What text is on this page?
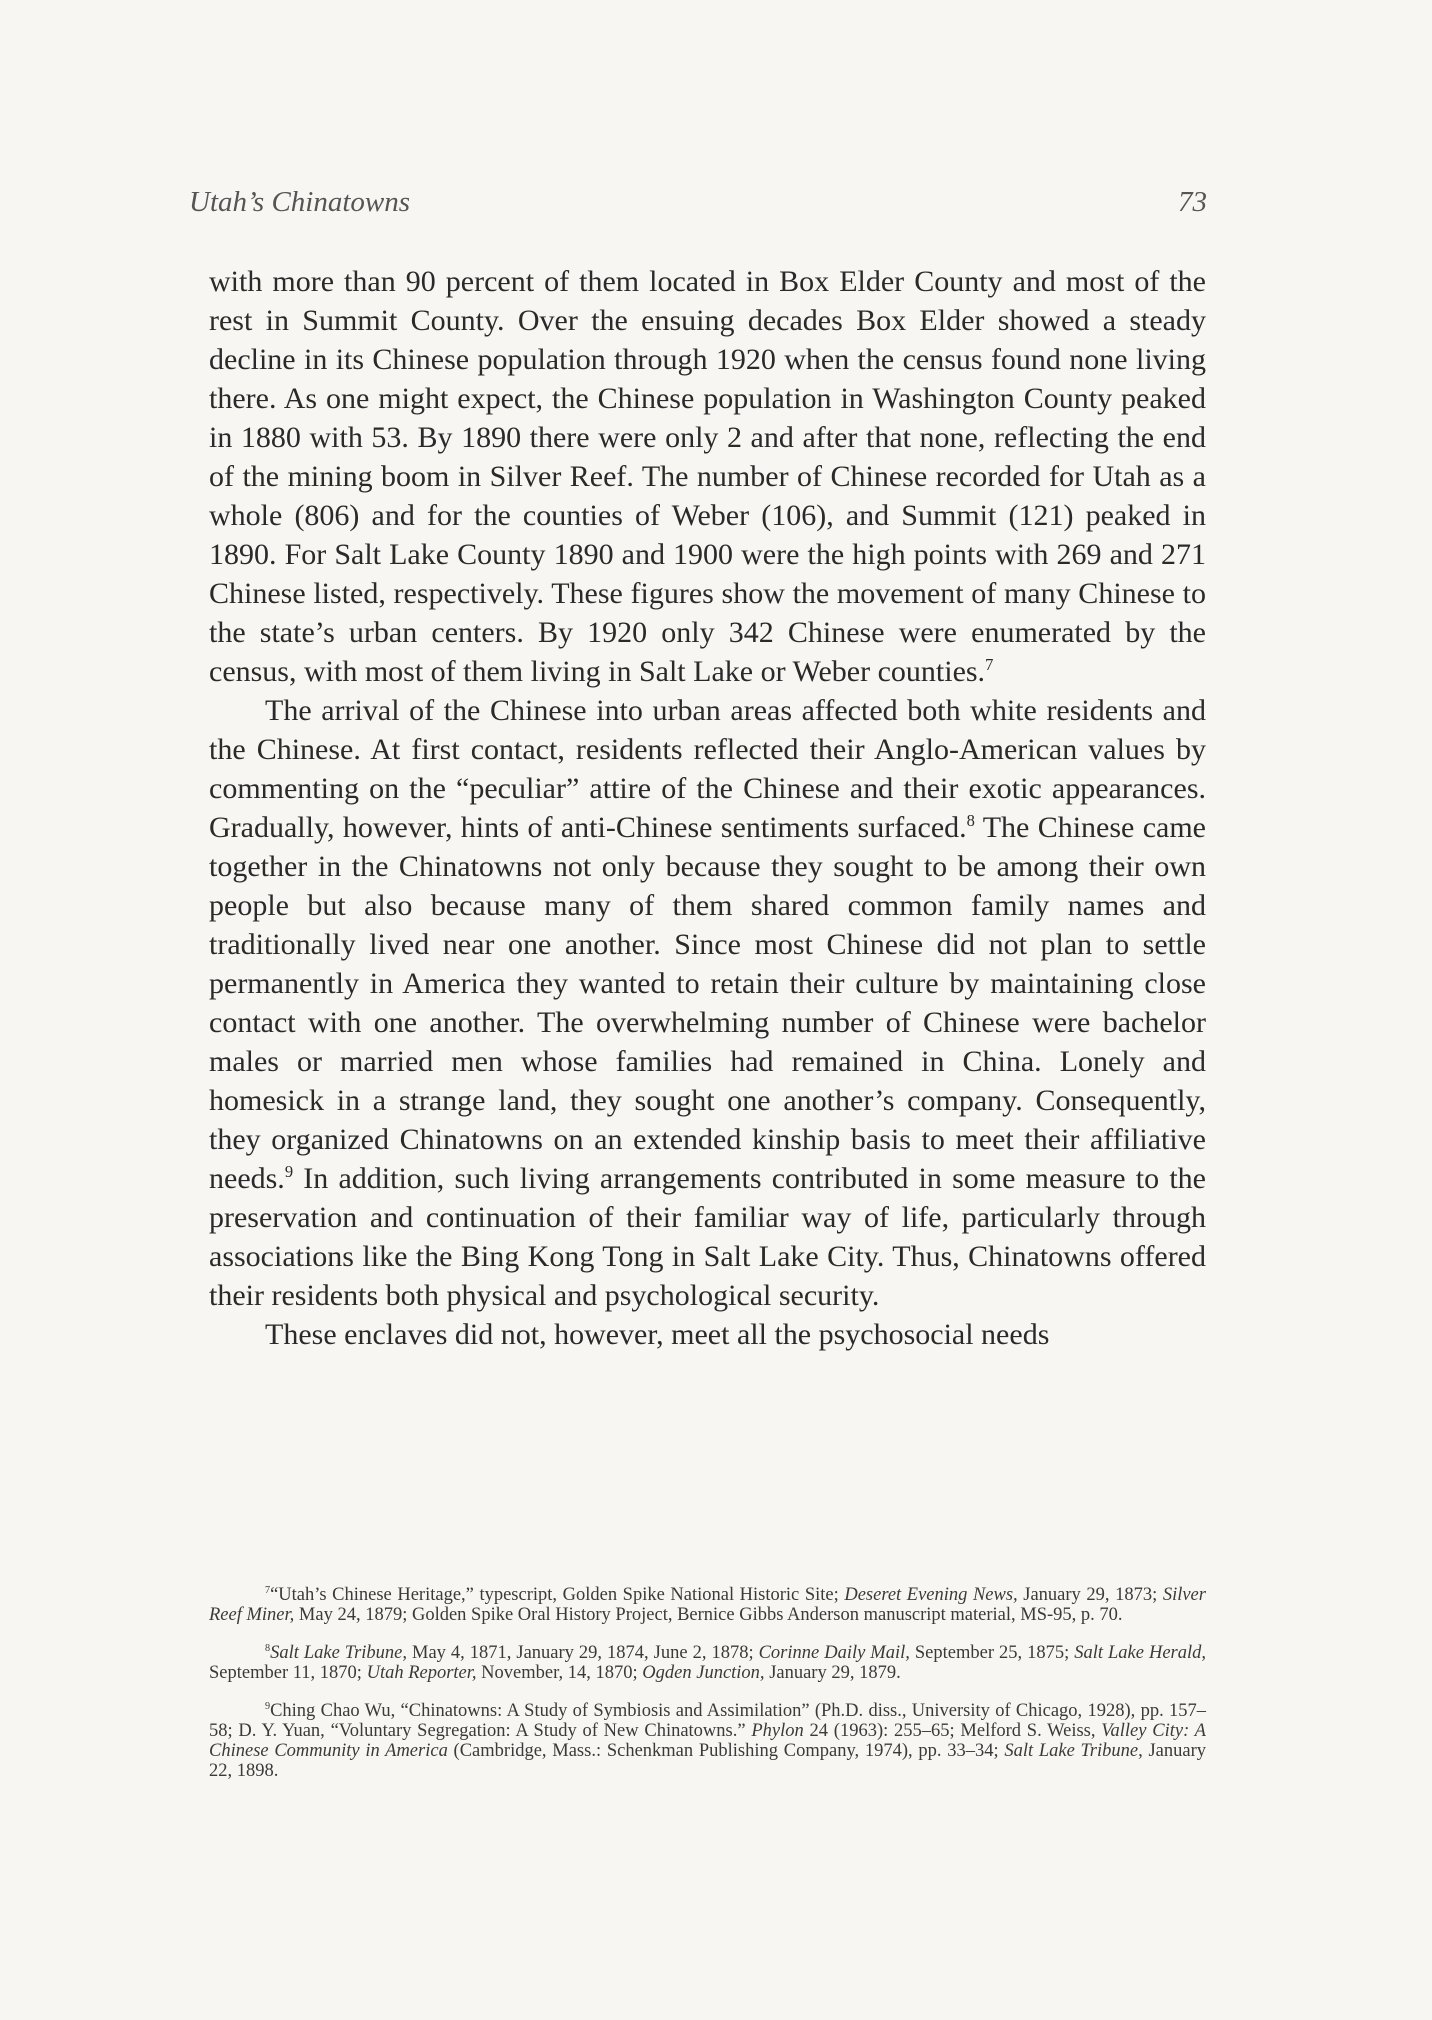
Utah’s Chinatowns	73

with more than 90 percent of them located in Box Elder County and most of the rest in Summit County. Over the ensuing decades Box Elder showed a steady decline in its Chinese population through 1920 when the census found none living there. As one might expect, the Chinese population in Washington County peaked in 1880 with 53. By 1890 there were only 2 and after that none, reflecting the end of the mining boom in Silver Reef. The number of Chinese recorded for Utah as a whole (806) and for the counties of Weber (106), and Summit (121) peaked in 1890. For Salt Lake County 1890 and 1900 were the high points with 269 and 271 Chinese listed, respectively. These figures show the movement of many Chinese to the state’s urban centers. By 1920 only 342 Chinese were enumerated by the census, with most of them living in Salt Lake or Weber counties.$^7$

The arrival of the Chinese into urban areas affected both white residents and the Chinese. At first contact, residents reflected their Anglo-American values by commenting on the “peculiar” attire of the Chinese and their exotic appearances. Gradually, however, hints of anti-Chinese sentiments surfaced.$^8$ The Chinese came together in the Chinatowns not only because they sought to be among their own people but also because many of them shared common family names and traditionally lived near one another. Since most Chinese did not plan to settle permanently in America they wanted to retain their culture by maintaining close contact with one another. The overwhelming number of Chinese were bachelor males or married men whose families had remained in China. Lonely and homesick in a strange land, they sought one another’s company. Consequently, they organized Chinatowns on an extended kinship basis to meet their affiliative needs.$^9$ In addition, such living arrangements contributed in some measure to the preservation and continuation of their familiar way of life, particularly through associations like the Bing Kong Tong in Salt Lake City. Thus, Chinatowns offered their residents both physical and psychological security.

These enclaves did not, however, meet all the psychosocial needs

$^7$“Utah’s Chinese Heritage,” typescript, Golden Spike National Historic Site; Deseret Evening News, January 29, 1873; Silver Reef Miner, May 24, 1879; Golden Spike Oral History Project, Bernice Gibbs Anderson manuscript material, MS-95, p. 70.

$^8$Salt Lake Tribune, May 4, 1871, January 29, 1874, June 2, 1878; Corinne Daily Mail, September 25, 1875; Salt Lake Herald, September 11, 1870; Utah Reporter, November, 14, 1870; Ogden Junction, January 29, 1879.

$^9$Ching Chao Wu, “Chinatowns: A Study of Symbiosis and Assimilation” (Ph.D. diss., University of Chicago, 1928), pp. 157–58; D. Y. Yuan, “Voluntary Segregation: A Study of New Chinatowns.” Phylon 24 (1963): 255–65; Melford S. Weiss, Valley City: A Chinese Community in America (Cambridge, Mass.: Schenkman Publishing Company, 1974), pp. 33–34; Salt Lake Tribune, January 22, 1898.
